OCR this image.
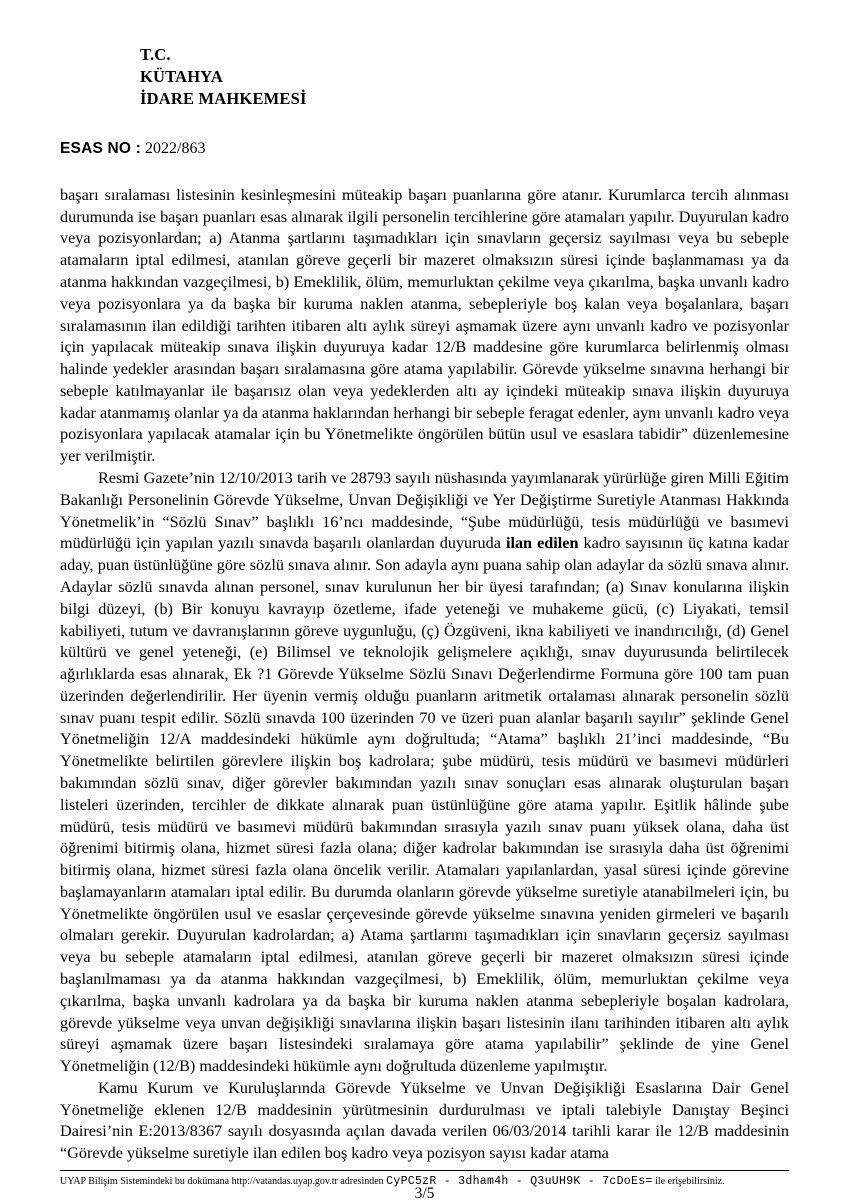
T.C.
KÜTAHYA
İDARE MAHKEMESİ
ESAS NO : 2022/863

başarı sıralaması listesinin kesinleşmesini müteakip başarı puanlarına göre atanır. Kurumlarca tercih alınması durumunda ise başarı puanları esas alınarak ilgili personelin tercihlerine göre atamaları yapılır. Duyurulan kadro veya pozisyonlardan; a) Atanma şartlarını taşımadıkları için sınavların geçersiz sayılması veya bu sebeple atamaların iptal edilmesi, atanılan göreve geçerli bir mazeret olmaksızın süresi içinde başlanmaması ya da atanma hakkından vazgeçilmesi, b) Emeklilik, ölüm, memurluktan çekilme veya çıkarılma, başka unvanlı kadro veya pozisyonlara ya da başka bir kuruma naklen atanma, sebepleriyle boş kalan veya boşalanlara, başarı sıralamasının ilan edildiği tarihten itibaren altı aylık süreyi aşmamak üzere aynı unvanlı kadro ve pozisyonlar için yapılacak müteakip sınava ilişkin duyuruya kadar 12/B maddesine göre kurumlarca belirlenmiş olması halinde yedekler arasından başarı sıralamasına göre atama yapılabilir. Görevde yükselme sınavına herhangi bir sebeple katılmayanlar ile başarısız olan veya yedeklerden altı ay içindeki müteakip sınava ilişkin duyuruya kadar atanmamış olanlar ya da atanma haklarından herhangi bir sebeple feragat edenler, aynı unvanlı kadro veya pozisyonlara yapılacak atamalar için bu Yönetmelikte öngörülen bütün usul ve esaslara tabidir” düzenlemesine yer verilmiştir.

Resmi Gazete’nin 12/10/2013 tarih ve 28793 sayılı nüshasında yayımlanarak yürürlüğe giren Milli Eğitim Bakanlığı Personelinin Görevde Yükselme, Unvan Değişikliği ve Yer Değiştirme Suretiyle Atanması Hakkında Yönetmelik’in “Sözlü Sınav” başlıklı 16’ncı maddesinde, “Şube müdürlüğü, tesis müdürlüğü ve basımevi müdürlüğü için yapılan yazılı sınavda başarılı olanlardan duyuruda ilan edilen kadro sayısının üç katına kadar aday, puan üstünlüğüne göre sözlü sınava alınır. Son adayla aynı puana sahip olan adaylar da sözlü sınava alınır. Adaylar sözlü sınavda alınan personel, sınav kurulunun her bir üyesi tarafından; (a) Sınav konularına ilişkin bilgi düzeyi, (b) Bir konuyu kavrayıp özetleme, ifade yeteneği ve muhakeme gücü, (c) Liyakati, temsil kabiliyeti, tutum ve davranışlarının göreve uygunluğu, (ç) Özgüveni, ikna kabiliyeti ve inandırıcılığı, (d) Genel kültürü ve genel yeteneği, (e) Bilimsel ve teknolojik gelişmelere açıklığı, sınav duyurusunda belirtilecek ağırlıklarda esas alınarak, Ek ?1 Görevde Yükselme Sözlü Sınavı Değerlendirme Formuna göre 100 tam puan üzerinden değerlendirilir. Her üyenin vermiş olduğu puanların aritmetik ortalaması alınarak personelin sözlü sınav puanı tespit edilir. Sözlü sınavda 100 üzerinden 70 ve üzeri puan alanlar başarılı sayılır” şeklinde Genel Yönetmeliğin 12/A maddesindeki hükümle aynı doğrultuda; “Atama” başlıklı 21’inci maddesinde, “Bu Yönetmelikte belirtilen görevlere ilişkin boş kadrolara; şube müdürü, tesis müdürü ve basımevi müdürleri bakımından sözlü sınav, diğer görevler bakımından yazılı sınav sonuçları esas alınarak oluşturulan başarı listeleri üzerinden, tercihler de dikkate alınarak puan üstünlüğüne göre atama yapılır. Eşitlik hâlinde şube müdürü, tesis müdürü ve basımevi müdürü bakımından sırasıyla yazılı sınav puanı yüksek olana, daha üst öğrenimi bitirmiş olana, hizmet süresi fazla olana; diğer kadrolar bakımından ise sırasıyla daha üst öğrenimi bitirmiş olana, hizmet süresi fazla olana öncelik verilir. Atamaları yapılanlardan, yasal süresi içinde görevine başlamayanların atamaları iptal edilir. Bu durumda olanların görevde yükselme suretiyle atanabilmeleri için, bu Yönetmelikte öngörülen usul ve esaslar çerçevesinde görevde yükselme sınavına yeniden girmeleri ve başarılı olmaları gerekir. Duyurulan kadrolardan; a) Atama şartlarını taşımadıkları için sınavların geçersiz sayılması veya bu sebeple atamaların iptal edilmesi, atanılan göreve geçerli bir mazeret olmaksızın süresi içinde başlanılmaması ya da atanma hakkından vazgeçilmesi, b) Emeklilik, ölüm, memurluktan çekilme veya çıkarılma, başka unvanlı kadrolara ya da başka bir kuruma naklen atanma sebepleriyle boşalan kadrolara, görevde yükselme veya unvan değişikliği sınavlarına ilişkin başarı listesinin ilanı tarihinden itibaren altı aylık süreyi aşmamak üzere başarı listesindeki sıralamaya göre atama yapılabilir” şeklinde de yine Genel Yönetmeliğin (12/B) maddesindeki hükümle aynı doğrultuda düzenleme yapılmıştır.

Kamu Kurum ve Kuruluşlarında Görevde Yükselme ve Unvan Değişikliği Esaslarına Dair Genel Yönetmeliğe eklenen 12/B maddesinin yürütmesinin durdurulması ve iptali talebiyle Danıştay Beşinci Dairesi’nin E:2013/8367 sayılı dosyasında açılan davada verilen 06/03/2014 tarihli karar ile 12/B maddesinin “Görevde yükselme suretiyle ilan edilen boş kadro veya pozisyon sayısı kadar atama

3/5
UYAP Bilişim Sistemindeki bu dokümana http://vatandas.uyap.gov.tr adresinden CyPC5zR - 3dham4h - Q3uUH9K - 7cDoEs= ile erişebilirsiniz.
